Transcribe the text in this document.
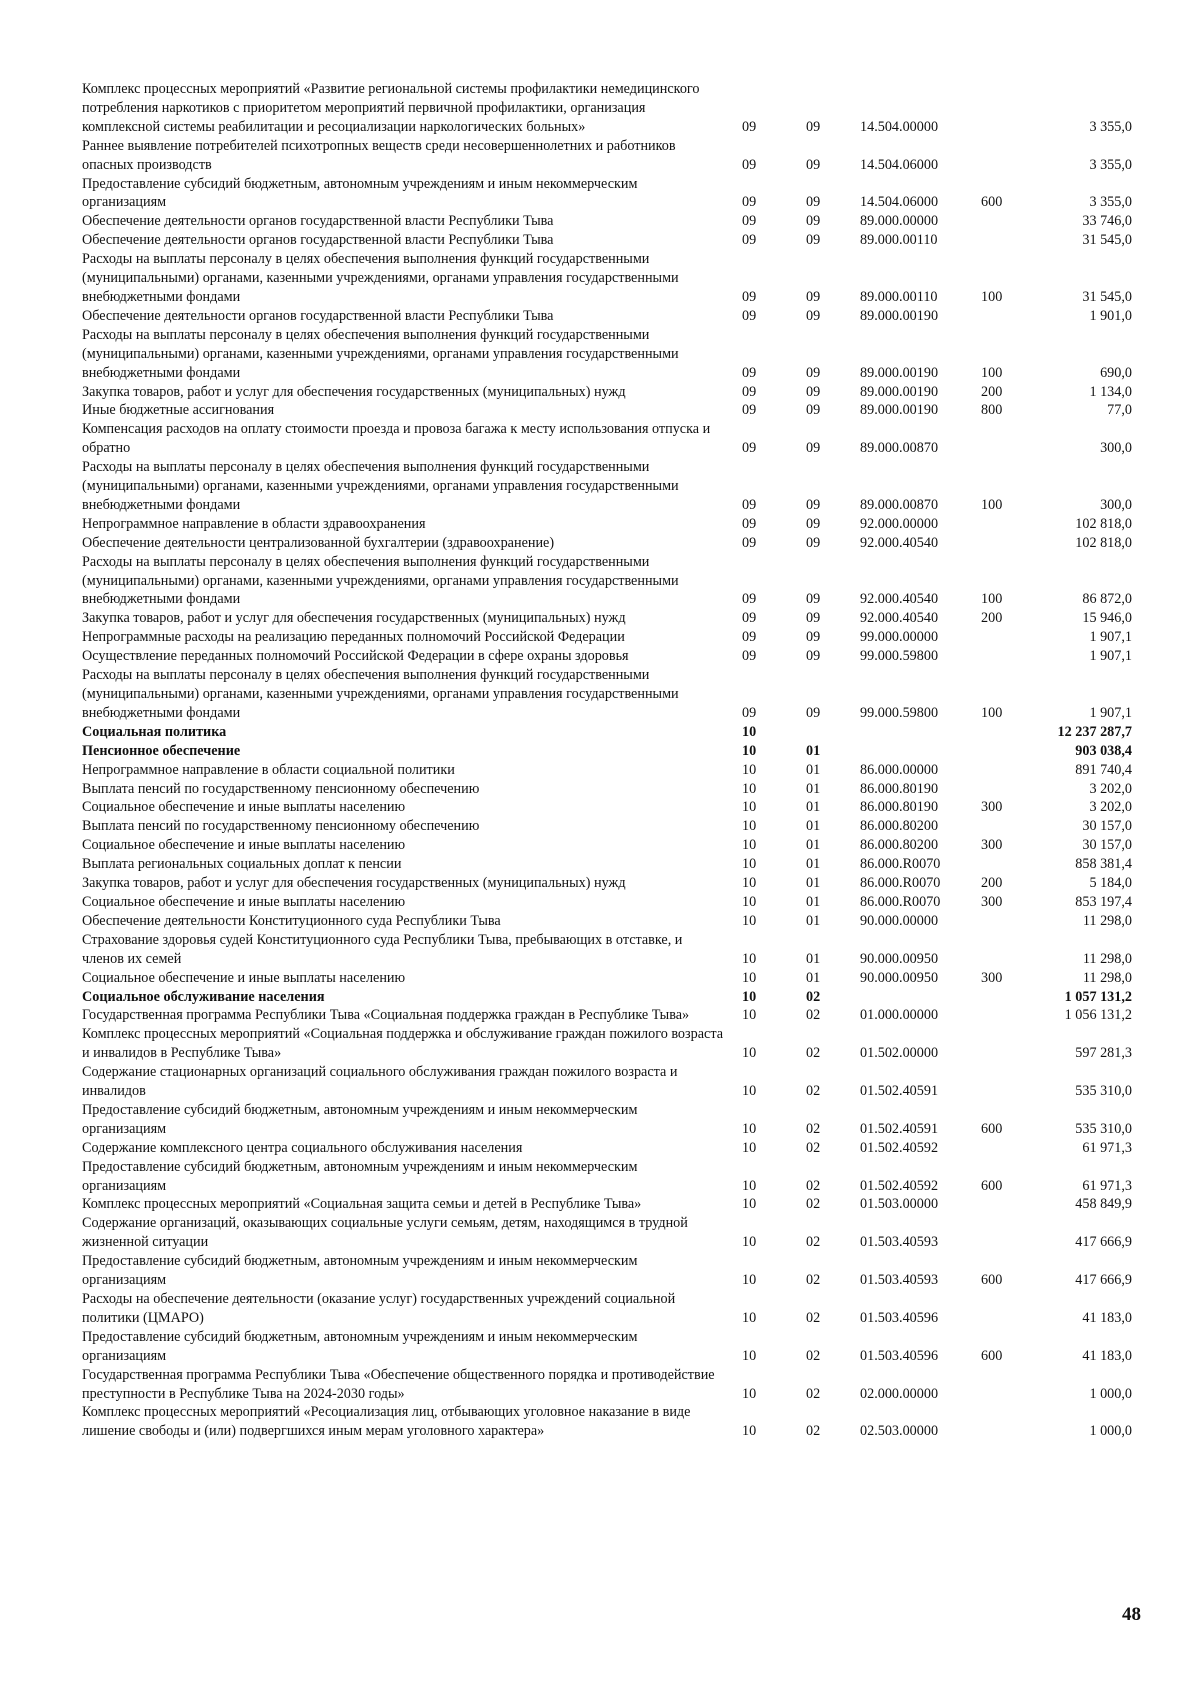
Комплекс процессных мероприятий «Развитие региональной системы профилактики немедицинского потребления наркотиков с приоритетом мероприятий первичной профилактики, организация комплексной системы реабилитации и ресоциализации наркологических больных»	09	09	14.504.00000		3 355,0
Раннее выявление потребителей психотропных веществ среди несовершеннолетних и работников опасных производств	09	09	14.504.06000		3 355,0
Предоставление субсидий бюджетным, автономным учреждениям и иным некоммерческим организациям	09	09	14.504.06000	600	3 355,0
Обеспечение деятельности органов государственной власти Республики Тыва	09	09	89.000.00000		33 746,0
Обеспечение деятельности органов государственной власти Республики Тыва	09	09	89.000.00110		31 545,0
Расходы на выплаты персоналу в целях обеспечения выполнения функций государственными (муниципальными) органами, казенными учреждениями, органами управления государственными внебюджетными фондами	09	09	89.000.00110	100	31 545,0
Обеспечение деятельности органов государственной власти Республики Тыва	09	09	89.000.00190		1 901,0
Расходы на выплаты персоналу в целях обеспечения выполнения функций государственными (муниципальными) органами, казенными учреждениями, органами управления государственными внебюджетными фондами	09	09	89.000.00190	100	690,0
Закупка товаров, работ и услуг для обеспечения государственных (муниципальных) нужд	09	09	89.000.00190	200	1 134,0
Иные бюджетные ассигнования	09	09	89.000.00190	800	77,0
Компенсация расходов на оплату стоимости проезда и провоза багажа к месту использования отпуска и обратно	09	09	89.000.00870		300,0
Расходы на выплаты персоналу в целях обеспечения выполнения функций государственными (муниципальными) органами, казенными учреждениями, органами управления государственными внебюджетными фондами	09	09	89.000.00870	100	300,0
Непрограммное направление в области здравоохранения	09	09	92.000.00000		102 818,0
Обеспечение деятельности централизованной бухгалтерии (здравоохранение)	09	09	92.000.40540		102 818,0
Расходы на выплаты персоналу в целях обеспечения выполнения функций государственными (муниципальными) органами, казенными учреждениями, органами управления государственными внебюджетными фондами	09	09	92.000.40540	100	86 872,0
Закупка товаров, работ и услуг для обеспечения государственных (муниципальных) нужд	09	09	92.000.40540	200	15 946,0
Непрограммные расходы на реализацию переданных полномочий Российской Федерации	09	09	99.000.00000		1 907,1
Осуществление переданных полномочий Российской Федерации в сфере охраны здоровья	09	09	99.000.59800		1 907,1
Расходы на выплаты персоналу в целях обеспечения выполнения функций государственными (муниципальными) органами, казенными учреждениями, органами управления государственными внебюджетными фондами	09	09	99.000.59800	100	1 907,1
Социальная политика	10				12 237 287,7
Пенсионное обеспечение	10	01			903 038,4
Непрограммное направление в области социальной политики	10	01	86.000.00000		891 740,4
Выплата пенсий по государственному пенсионному обеспечению	10	01	86.000.80190		3 202,0
Социальное обеспечение и иные выплаты населению	10	01	86.000.80190	300	3 202,0
Выплата пенсий по государственному пенсионному обеспечению	10	01	86.000.80200		30 157,0
Социальное обеспечение и иные выплаты населению	10	01	86.000.80200	300	30 157,0
Выплата региональных социальных доплат к пенсии	10	01	86.000.R0070		858 381,4
Закупка товаров, работ и услуг для обеспечения государственных (муниципальных) нужд	10	01	86.000.R0070	200	5 184,0
Социальное обеспечение и иные выплаты населению	10	01	86.000.R0070	300	853 197,4
Обеспечение деятельности Конституционного суда Республики Тыва	10	01	90.000.00000		11 298,0
Страхование здоровья судей Конституционного суда Республики Тыва, пребывающих в отставке, и членов их семей	10	01	90.000.00950		11 298,0
Социальное обеспечение и иные выплаты населению	10	01	90.000.00950	300	11 298,0
Социальное обслуживание населения	10	02			1 057 131,2
Государственная программа Республики Тыва «Социальная поддержка граждан в Республике Тыва»	10	02	01.000.00000		1 056 131,2
Комплекс процессных мероприятий «Социальная поддержка и обслуживание граждан пожилого возраста и инвалидов в Республике Тыва»	10	02	01.502.00000		597 281,3
Содержание стационарных организаций социального обслуживания граждан пожилого возраста и инвалидов	10	02	01.502.40591		535 310,0
Предоставление субсидий бюджетным, автономным учреждениям и иным некоммерческим организациям	10	02	01.502.40591	600	535 310,0
Содержание комплексного центра социального обслуживания населения	10	02	01.502.40592		61 971,3
Предоставление субсидий бюджетным, автономным учреждениям и иным некоммерческим организациям	10	02	01.502.40592	600	61 971,3
Комплекс процессных мероприятий «Социальная защита семьи и детей в Республике Тыва»	10	02	01.503.00000		458 849,9
Содержание организаций, оказывающих социальные услуги семьям, детям, находящимся в трудной жизненной ситуации	10	02	01.503.40593		417 666,9
Предоставление субсидий бюджетным, автономным учреждениям и иным некоммерческим организациям	10	02	01.503.40593	600	417 666,9
Расходы на обеспечение деятельности (оказание услуг) государственных учреждений социальной политики (ЦМАРО)	10	02	01.503.40596		41 183,0
Предоставление субсидий бюджетным, автономным учреждениям и иным некоммерческим организациям	10	02	01.503.40596	600	41 183,0
Государственная программа Республики Тыва «Обеспечение общественного порядка и противодействие преступности в Республике Тыва на 2024-2030 годы»	10	02	02.000.00000		1 000,0
Комплекс процессных мероприятий «Ресоциализация лиц, отбывающих уголовное наказание в виде лишение свободы и (или) подвергшихся иным мерам уголовного характера»	10	02	02.503.00000		1 000,0
48
